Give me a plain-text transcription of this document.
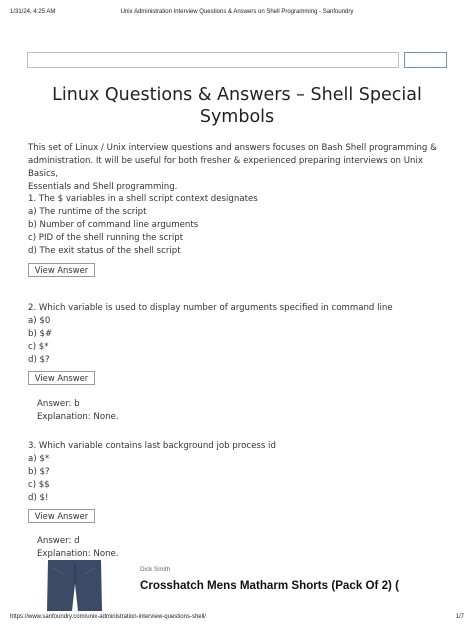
1/31/24, 4:25 AM	Unix Administration Interview Questions & Answers on Shell Programming - Sanfoundry
Linux Questions & Answers – Shell Special
Symbols

This set of Linux / Unix interview questions and answers focuses on Bash Shell programming &
administration. It will be useful for both fresher & experienced preparing interviews on Unix Basics,
Essentials and Shell programming.

1. The $ variables in a shell script context designates
a) The runtime of the script
b) Number of command line arguments
c) PID of the shell running the script
d) The exit status of the shell script
View Answer
2. Which variable is used to display number of arguments specified in command line
a) $0
b) $#
c) $*
d) $?
View Answer
Answer: b
Explanation: None.
3. Which variable contains last background job process id
a) $*
b) $?
c) $$
d) $!
View Answer
Answer: d
Explanation: None.
Dick Smith
Crosshatch Mens Matharm Shorts (Pack Of 2) (
https://www.sanfoundry.com/unix-administration-interview-questions-shell/	1/7
